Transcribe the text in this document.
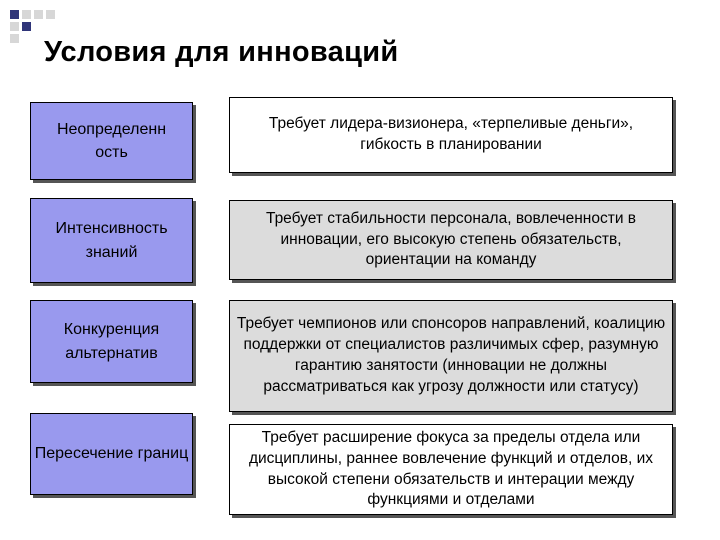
Условия для инноваций
Неопределенн ость
Требует лидера-визионера, «терпеливые деньги», гибкость в планировании
Интенсивность знаний
Требует стабильности персонала, вовлеченности в инновации, его высокую степень обязательств, ориентации на команду
Конкуренция альтернатив
Требует чемпионов или спонсоров направлений, коалицию поддержки от специалистов различимых сфер, разумную гарантию занятости (инновации не должны рассматриваться как угрозу должности или статусу)
Пересечение границ
Требует расширение фокуса за пределы отдела или дисциплины, раннее вовлечение функций и отделов, их высокой степени обязательств и интерации между функциями и отделами
